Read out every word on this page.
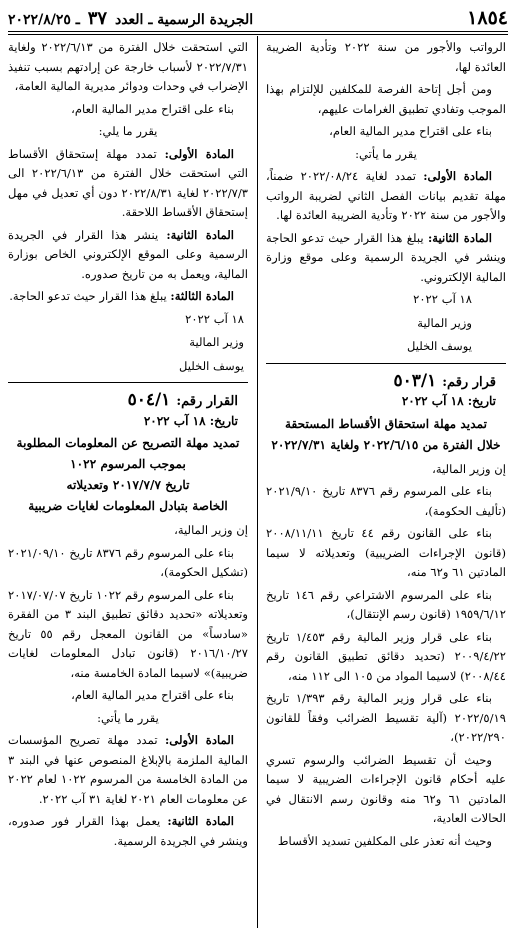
١٨٥٤
الجريدة الرسمية ـ العدد ٣٧ ـ ٢٠٢٢/٨/٢٥

الرواتب والأجور من سنة ٢٠٢٢ وتأدية الضريبة العائدة لها،

ومن أجل إتاحة الفرصة للمكلفين للإلتزام بهذا الموجب وتفادي تطبيق الغرامات عليهم،

بناء على اقتراح مدير المالية العام،

يقرر ما يأتي:

المادة الأولى: تمدد لغاية ٢٠٢٢/٠٨/٢٤ ضمناً، مهلة تقديم بيانات الفصل الثاني لضريبة الرواتب والأجور من سنة ٢٠٢٢ وتأدية الضريبة العائدة لها.

المادة الثانية: يبلغ هذا القرار حيث تدعو الحاجة وينشر في الجريدة الرسمية وعلى موقع وزارة المالية الإلكتروني.

١٨ آب ٢٠٢٢

وزير المالية

يوسف الخليل

قرار رقم:
٥٠٣/١
تاريخ: ١٨ آب ٢٠٢٢
تمديد مهلة استحقاق الأقساط المستحقة
خلال الفترة من ٢٠٢٢/٦/١٥ ولغاية ٢٠٢٢/٧/٣١

إن وزير المالية،

بناء على المرسوم رقم ٨٣٧٦ تاريخ ٢٠٢١/٩/١٠ (تأليف الحكومة)،

بناء على القانون رقم ٤٤ تاريخ ٢٠٠٨/١١/١١ (قانون الإجراءات الضريبية) وتعديلاته لا سيما المادتين ٦١ و٦٢ منه،

بناء على المرسوم الاشتراعي رقم ١٤٦ تاريخ ١٩٥٩/٦/١٢ (قانون رسم الإنتقال)،

بناء على قرار وزير المالية رقم ١/٤٥٣ تاريخ ٢٠٠٩/٤/٢٢ (تحديد دقائق تطبيق القانون رقم ٢٠٠٨/٤٤) لاسيما المواد من ١٠٥ الى ١١٢ منه،

بناء على قرار وزير المالية رقم ١/٣٩٣ تاريخ ٢٠٢٢/٥/١٩ (آلية تقسيط الضرائب وفقاً للقانون ٢٠٢٢/٢٩٠)،

وحيث أن تقسيط الضرائب والرسوم تسري عليه أحكام قانون الإجراءات الضريبية لا سيما المادتين ٦١ و٦٢ منه وقانون رسم الانتقال في الحالات العادية،

وحيث أنه تعذر على المكلفين تسديد الأقساط

التي استحقت خلال الفترة من ٢٠٢٢/٦/١٣ ولغاية ٢٠٢٢/٧/٣١ لأسباب خارجة عن إرادتهم بسبب تنفيذ الإضراب في وحدات ودوائر مديرية المالية العامة،

بناء على اقتراح مدير المالية العام،

يقرر ما يلي:

المادة الأولى: تمدد مهلة إستحقاق الأقساط التي استحقت خلال الفترة من ٢٠٢٢/٦/١٣ الى ٢٠٢٢/٧/٣ لغاية ٢٠٢٢/٨/٣١ دون أي تعديل في مهل إستحقاق الأقساط اللاحقة.

المادة الثانية: ينشر هذا القرار في الجريدة الرسمية وعلى الموقع الإلكتروني الخاص بوزارة المالية، ويعمل به من تاريخ صدوره.

المادة الثالثة: يبلغ هذا القرار حيث تدعو الحاجة.

١٨ آب ٢٠٢٢

وزير المالية

يوسف الخليل

القرار رقم:
٥٠٤/١
تاريخ: ١٨ آب ٢٠٢٢
تمديد مهلة التصريح عن المعلومات المطلوبة
بموجب المرسوم ١٠٢٢
تاريخ ٢٠١٧/٧/٧ وتعديلاته
الخاصة بتبادل المعلومات لغايات ضريبية

إن وزير المالية،

بناء على المرسوم رقم ٨٣٧٦ تاريخ ٢٠٢١/٠٩/١٠ (تشكيل الحكومة)،

بناء على المرسوم رقم ١٠٢٢ تاريخ ٢٠١٧/٠٧/٠٧ وتعديلاته «تحديد دقائق تطبيق البند ٣ من الفقرة «سادساً» من القانون المعجل رقم ٥٥ تاريخ ٢٠١٦/١٠/٢٧ (قانون تبادل المعلومات لغايات ضريبية)» لاسيما المادة الخامسة منه،

بناء على اقتراح مدير المالية العام،

يقرر ما يأتي:

المادة الأولى: تمدد مهلة تصريح المؤسسات المالية الملزمة بالإبلاغ المنصوص عنها في البند ٣ من المادة الخامسة من المرسوم ١٠٢٢ لعام ٢٠٢٢ عن معلومات العام ٢٠٢١ لغاية ٣١ آب ٢٠٢٢.

المادة الثانية: يعمل بهذا القرار فور صدوره، وينشر في الجريدة الرسمية.
